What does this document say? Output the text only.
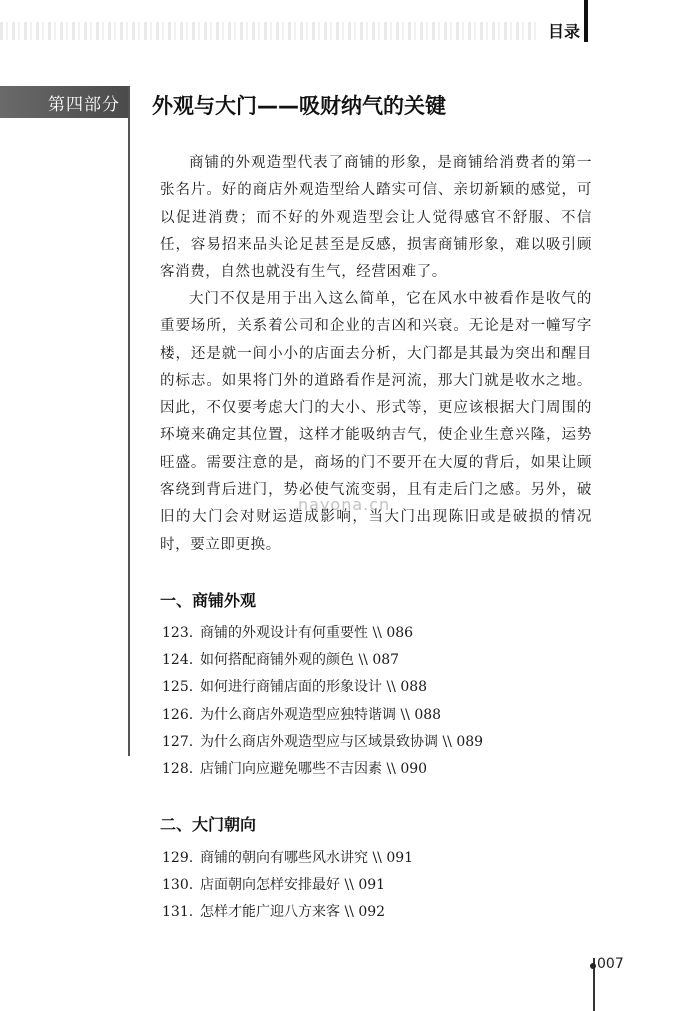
目录
第四部分 外观与大门——吸财纳气的关键

商铺的外观造型代表了商铺的形象，是商铺给消费者的第一张名片。好的商店外观造型给人踏实可信、亲切新颖的感觉，可以促进消费；而不好的外观造型会让人觉得感官不舒服、不信任，容易招来品头论足甚至是反感，损害商铺形象，难以吸引顾客消费，自然也就没有生气，经营困难了。

大门不仅是用于出入这么简单，它在风水中被看作是收气的重要场所，关系着公司和企业的吉凶和兴衰。无论是对一幢写字楼，还是就一间小小的店面去分析，大门都是其最为突出和醒目的标志。如果将门外的道路看作是河流，那大门就是收水之地。因此，不仅要考虑大门的大小、形式等，更应该根据大门周围的环境来确定其位置，这样才能吸纳吉气，使企业生意兴隆，运势旺盛。需要注意的是，商场的门不要开在大厦的背后，如果让顾客绕到背后进门，势必使气流变弱，且有走后门之感。另外，破旧的大门会对财运造成影响，当大门出现陈旧或是破损的情况时，要立即更换。

nayona.cn
一、商铺外观
123. 商铺的外观设计有何重要性 \\ 086
124. 如何搭配商铺外观的颜色 \\ 087
125. 如何进行商铺店面的形象设计 \\ 088
126. 为什么商店外观造型应独特谐调 \\ 088
127. 为什么商店外观造型应与区域景致协调 \\ 089
128. 店铺门向应避免哪些不吉因素 \\ 090
二、大门朝向
129. 商铺的朝向有哪些风水讲究 \\ 091
130. 店面朝向怎样安排最好 \\ 091
131. 怎样才能广迎八方来客 \\ 092
007
